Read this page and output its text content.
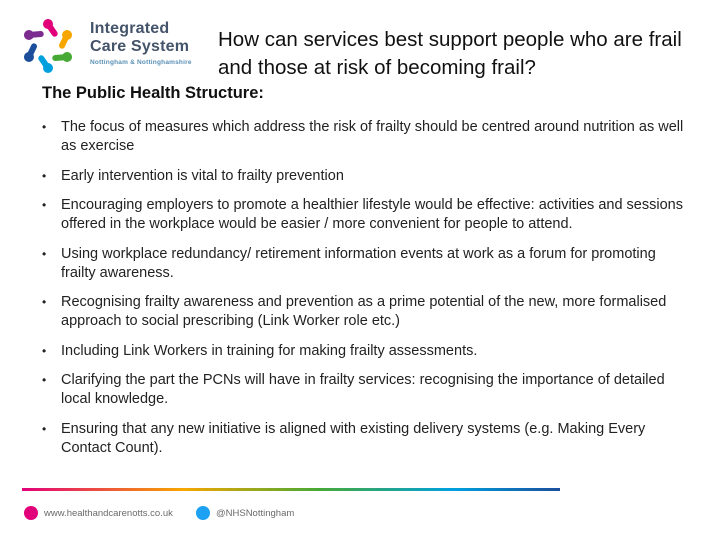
Integrated
Care System
Nottingham & Nottinghamshire
How can services best support people who are frail and those at risk of becoming frail?
The Public Health Structure:
• The focus of measures which address the risk of frailty should be centred around nutrition as well as exercise
• Early intervention is vital to frailty prevention
• Encouraging employers to promote a healthier lifestyle would be effective: activities and sessions offered in the workplace would be easier / more convenient for people to attend.
• Using workplace redundancy/ retirement information events at work as a forum for promoting frailty awareness.
• Recognising frailty awareness and prevention as a prime potential of the new, more formalised approach to social prescribing (Link Worker role etc.)
• Including Link Workers in training for making frailty assessments.
• Clarifying the part the PCNs will have in frailty services: recognising the importance of detailed local knowledge.
• Ensuring that any new initiative is aligned with existing delivery systems (e.g. Making Every Contact Count).
www.healthandcarenotts.co.uk	@NHSNottingham
